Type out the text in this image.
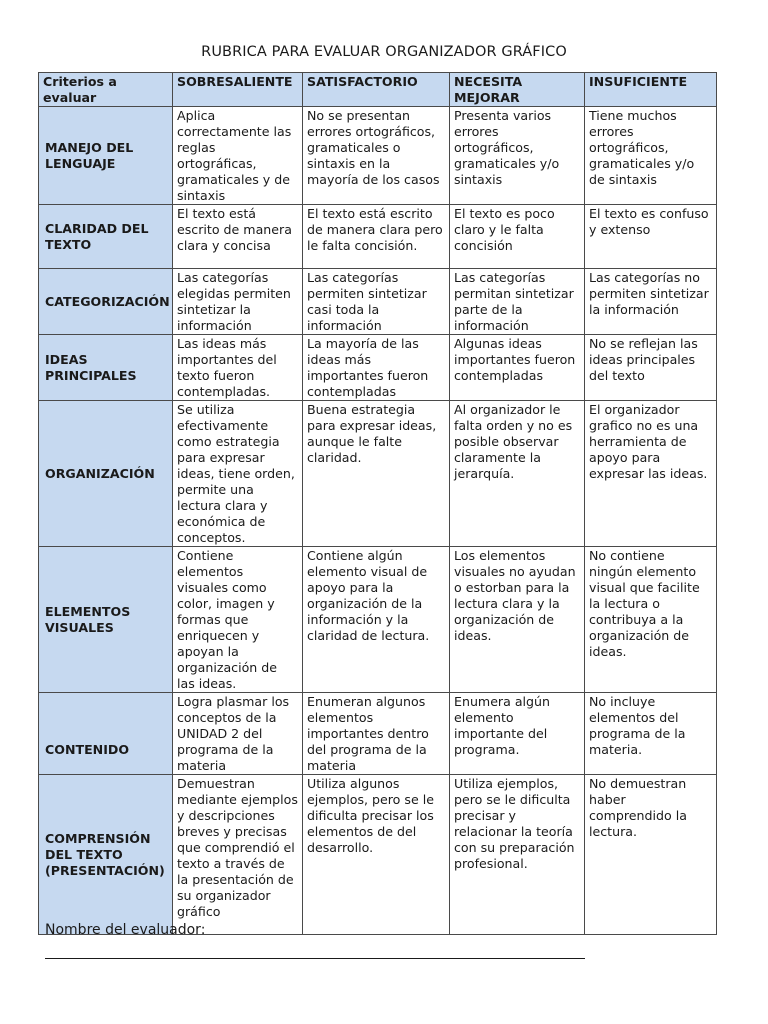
RUBRICA PARA EVALUAR ORGANIZADOR GRÁFICO
Criterios a evaluar	SOBRESALIENTE	SATISFACTORIO	NECESITA MEJORAR	INSUFICIENTE
MANEJO DEL LENGUAJE	Aplica correctamente las reglas ortográficas, gramaticales y de sintaxis	No se presentan errores ortográficos, gramaticales o sintaxis en la mayoría de los casos	Presenta varios errores ortográficos, gramaticales y/o sintaxis	Tiene muchos errores ortográficos, gramaticales y/o de sintaxis
CLARIDAD DEL TEXTO	El texto está escrito de manera clara y concisa	El texto está escrito de manera clara pero le falta concisión.	El texto es poco claro y le falta concisión	El texto es confuso y extenso
CATEGORIZACIÓN	Las categorías elegidas permiten sintetizar la información	Las categorías permiten sintetizar casi toda la información	Las categorías permitan sintetizar parte de la información	Las categorías no permiten sintetizar la información
IDEAS PRINCIPALES	Las ideas más importantes del texto fueron contempladas.	La mayoría de las ideas más importantes fueron contempladas	Algunas ideas importantes fueron contempladas	No se reflejan las ideas principales del texto
ORGANIZACIÓN	Se utiliza efectivamente como estrategia para expresar ideas, tiene orden, permite una lectura clara y económica de conceptos.	Buena estrategia para expresar ideas, aunque le falte claridad.	Al organizador le falta orden y no es posible observar claramente la jerarquía.	El organizador grafico no es una herramienta de apoyo para expresar las ideas.
ELEMENTOS VISUALES	Contiene elementos visuales como color, imagen y formas que enriquecen y apoyan la organización de las ideas.	Contiene algún elemento visual de apoyo para la organización de la información y la claridad de lectura.	Los elementos visuales no ayudan o estorban para la lectura clara y la organización de ideas.	No contiene ningún elemento visual que facilite la lectura o contribuya a la organización de ideas.
CONTENIDO	Logra plasmar los conceptos de la UNIDAD 2 del programa de la materia	Enumeran algunos elementos importantes dentro del programa de la materia	Enumera algún elemento importante del programa.	No incluye elementos del programa de la materia.
COMPRENSIÓN DEL TEXTO (PRESENTACIÓN)	Demuestran mediante ejemplos y descripciones breves y precisas que comprendió el texto a través de la presentación de su organizador gráfico	Utiliza algunos ejemplos, pero se le dificulta precisar los elementos de del desarrollo.	Utiliza ejemplos, pero se le dificulta precisar y relacionar la teoría con su preparación profesional.	No demuestran haber comprendido la lectura.
Nombre del evaluador:
